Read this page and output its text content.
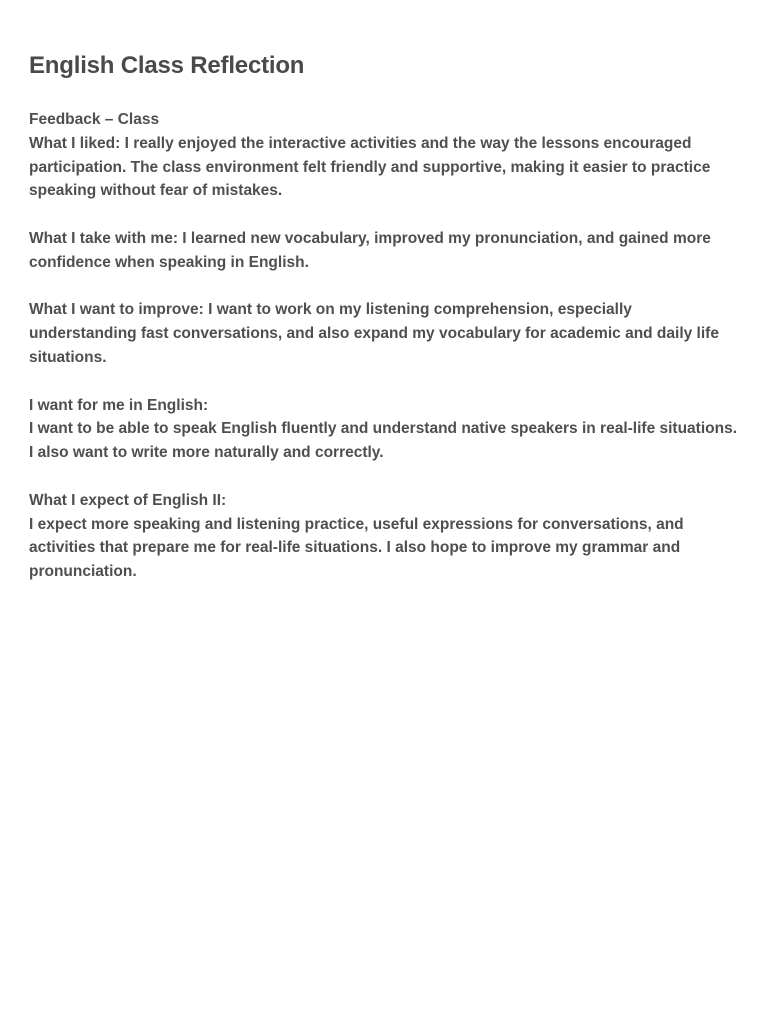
English Class Reflection

Feedback – Class
What I liked: I really enjoyed the interactive activities and the way the lessons encouraged participation. The class environment felt friendly and supportive, making it easier to practice speaking without fear of mistakes.

What I take with me: I learned new vocabulary, improved my pronunciation, and gained more confidence when speaking in English.

What I want to improve: I want to work on my listening comprehension, especially understanding fast conversations, and also expand my vocabulary for academic and daily life situations.

I want for me in English:
I want to be able to speak English fluently and understand native speakers in real-life situations. I also want to write more naturally and correctly.

What I expect of English II:
I expect more speaking and listening practice, useful expressions for conversations, and activities that prepare me for real-life situations. I also hope to improve my grammar and pronunciation.
